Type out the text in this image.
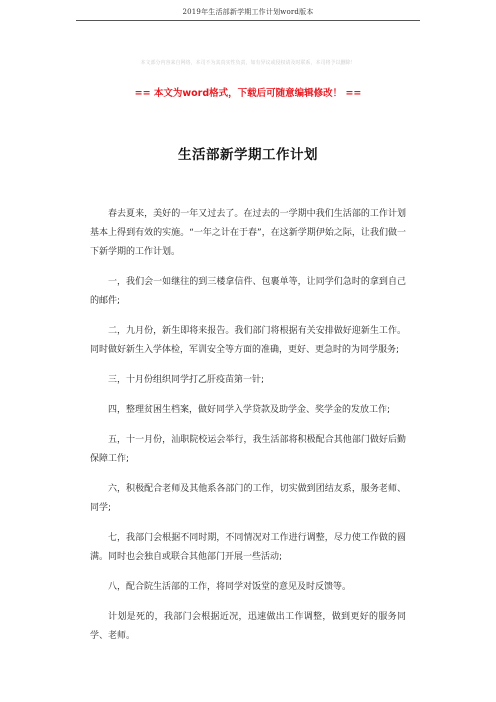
2019年生活部新学期工作计划word版本
本文部分内容来自网络，本司不为其真实性负责，如有异议或侵权请及时联系，本司将予以删除！
== 本文为word格式，下载后可随意编辑修改！ ==
生活部新学期工作计划

春去夏来，美好的一年又过去了。在过去的一学期中我们生活部的工作计划基本上得到有效的实施。“一年之计在于春”，在这新学期伊始之际，让我们做一下新学期的工作计划。

一，我们会一如继往的到三楼拿信件、包裹单等，让同学们急时的拿到自己的邮件;

二，九月份，新生即将来报告。我们部门将根据有关安排做好迎新生工作。同时做好新生入学体检，军训安全等方面的准确，更好、更急时的为同学服务;

三，十月份组织同学打乙肝疫苗第一针;

四，整理贫困生档案，做好同学入学贷款及助学金、奖学金的发放工作;

五，十一月份，汕职院校运会举行，我生活部将积极配合其他部门做好后勤保障工作;

六，积极配合老师及其他系各部门的工作，切实做到团结友系，服务老师、同学;

七，我部门会根据不同时期，不同情况对工作进行调整，尽力使工作做的圆满。同时也会独自或联合其他部门开展一些活动;

八，配合院生活部的工作，将同学对饭堂的意见及时反馈等。

计划是死的，我部门会根据近况，迅速做出工作调整，做到更好的服务同学、老师。
